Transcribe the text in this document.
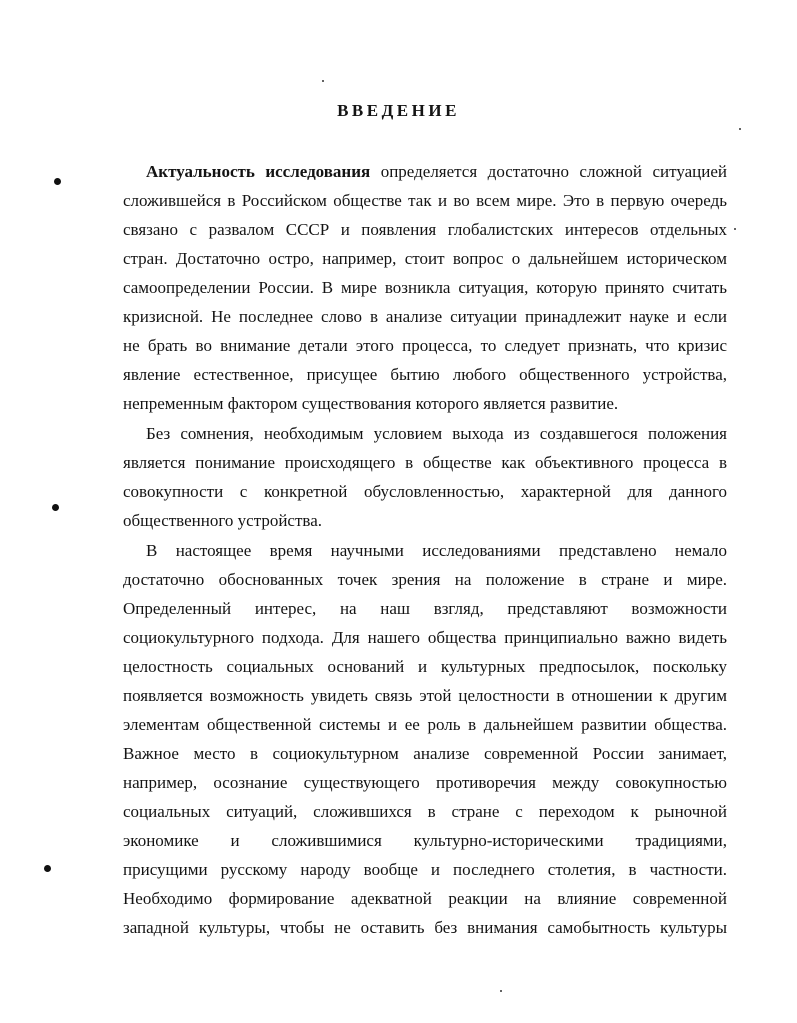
ВВЕДЕНИЕ
Актуальность исследования определяется достаточно сложной ситуацией
сложившейся в Российском обществе так и во всем мире. Это в первую очередь
связано с развалом СССР и появления глобалистских интересов отдельных
стран. Достаточно остро, например, стоит вопрос о дальнейшем историческом
самоопределении России. В мире возникла ситуация, которую принято считать
кризисной. Не последнее слово в анализе ситуации принадлежит науке и если
не брать во внимание детали этого процесса, то следует признать, что кризис
явление естественное, присущее бытию любого общественного устройства,
непременным фактором существования которого является развитие.
Без сомнения, необходимым условием выхода из создавшегося положения
является понимание происходящего в обществе как объективного процесса в
совокупности с конкретной обусловленностью, характерной для данного
общественного устройства.
В настоящее время научными исследованиями представлено немало
достаточно обоснованных точек зрения на положение в стране и мире.
Определенный интерес, на наш взгляд, представляют возможности
социокультурного подхода. Для нашего общества принципиально важно видеть
целостность социальных оснований и культурных предпосылок, поскольку
появляется возможность увидеть связь этой целостности в отношении к другим
элементам общественной системы и ее роль в дальнейшем развитии общества.
Важное место в социокультурном анализе современной России занимает,
например, осознание существующего противоречия между совокупностью
социальных ситуаций, сложившихся в стране с переходом к рыночной
экономике и сложившимися культурно-историческими традициями,
присущими русскому народу вообще и последнего столетия, в частности.
Необходимо формирование адекватной реакции на влияние современной
западной культуры, чтобы не оставить без внимания самобытность культуры
